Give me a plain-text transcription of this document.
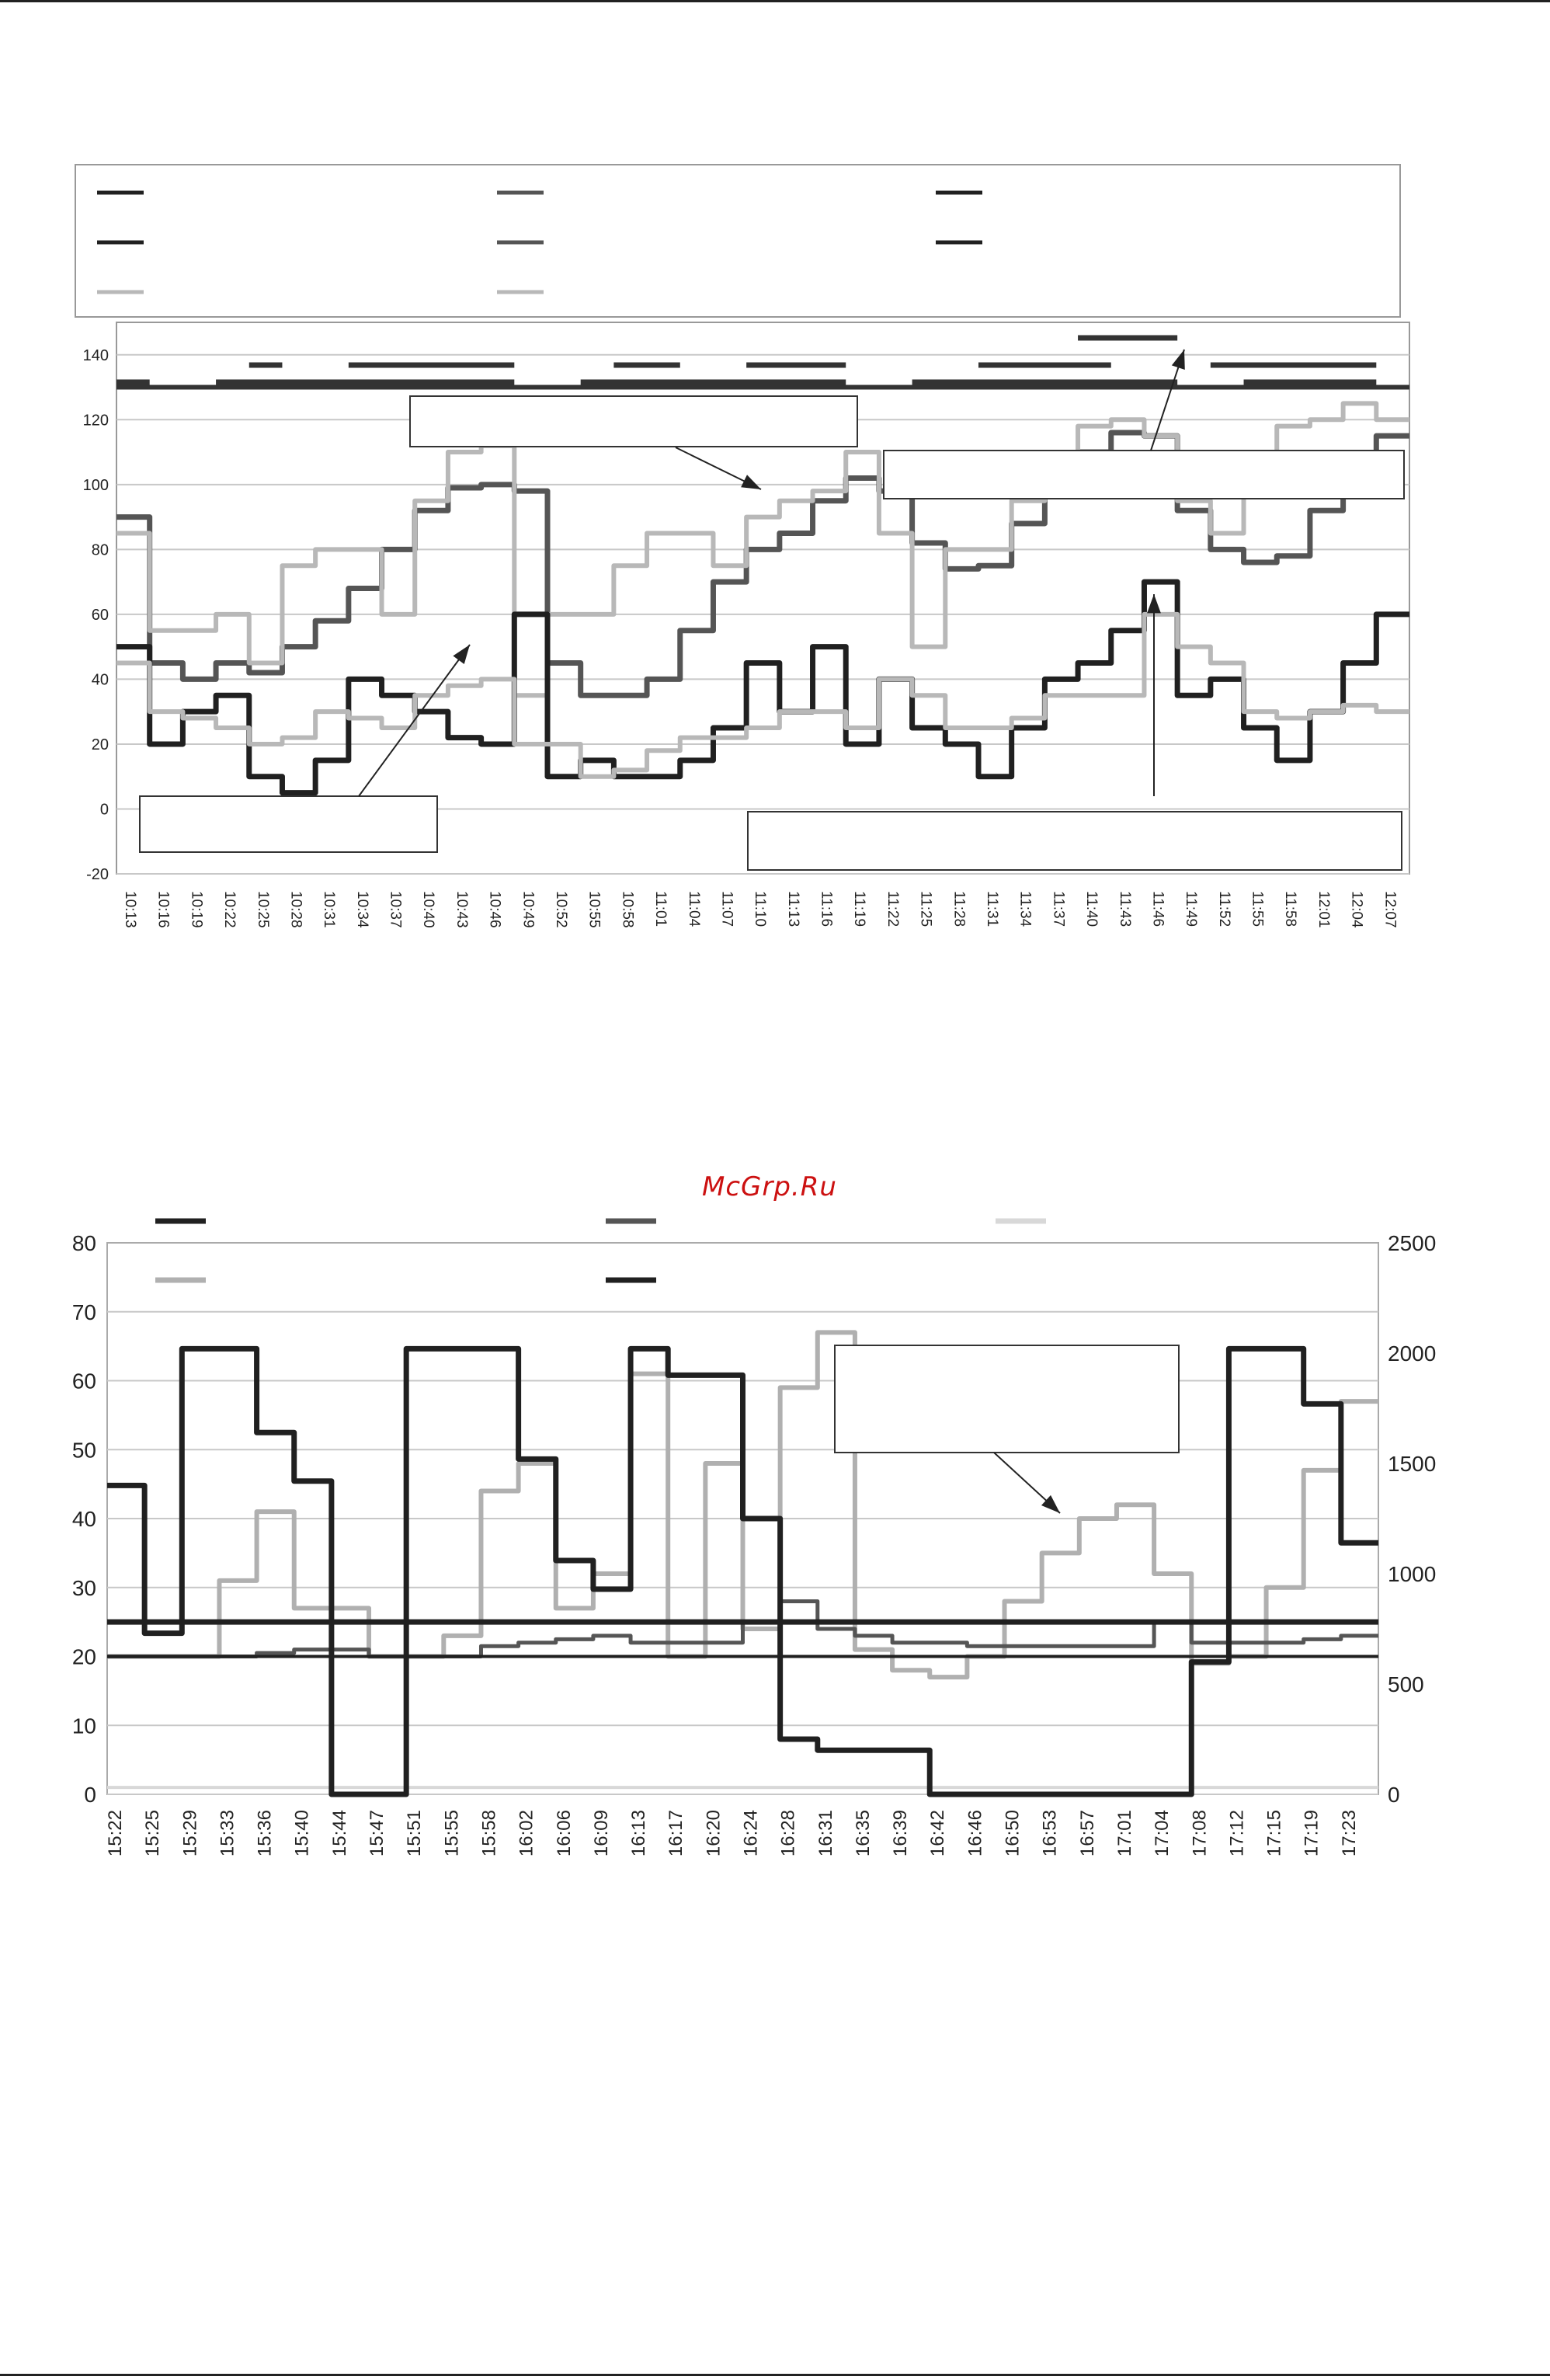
-20
0
20
40
60
80
100
120
140
10:13 10:16 10:19 10:22 10:25 10:28 10:31 10:34 10:37 10:40 10:43 10:46 10:49 10:52 10:55 10:58 11:01 11:04 11:07 11:10 11:13 11:16 11:19 11:22 11:25 11:28 11:31 11:34 11:37 11:40 11:43 11:46 11:49 11:52 11:55 11:58 12:01 12:04 12:07
McGrp.Ru
0
10
20
30
40
50
60
70
80
0
500
1000
1500
2000
2500
15:22 15:25 15:29 15:33 15:36 15:40 15:44 15:47 15:51 15:55 15:58 16:02 16:06 16:09 16:13 16:17 16:20 16:24 16:28 16:31 16:35 16:39 16:42 16:46 16:50 16:53 16:57 17:01 17:04 17:08 17:12 17:15 17:19 17:23
